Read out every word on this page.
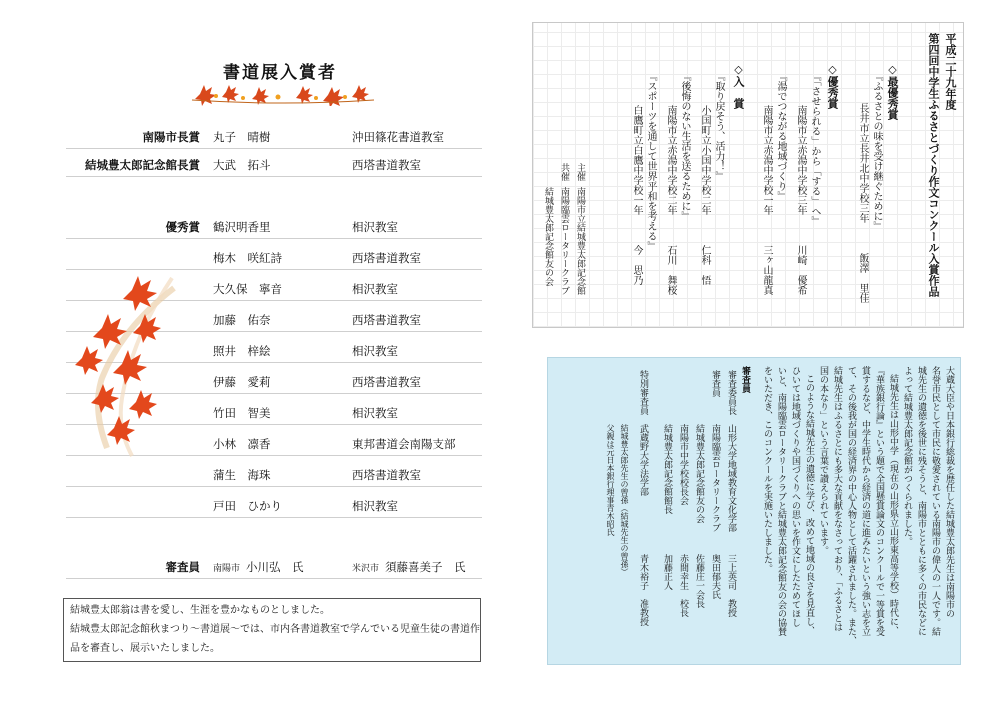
書道展入賞者
南陽市長賞 丸子　晴樹	沖田篠花書道教室
結城豊太郎記念館長賞 大武　拓斗	西塔書道教室
優秀賞 鶴沢明香里	相沢教室
梅木　咲紅詩	西塔書道教室
大久保　寧音	相沢教室
加藤　佑奈	西塔書道教室
照井　梓絵	相沢教室
伊藤　愛莉	西塔書道教室
竹田　智美	相沢教室
小林　凛香	東邦書道会南陽支部
蒲生　海珠	西塔書道教室
戸田　ひかり	相沢教室
審査員 南陽市 小川弘　氏	米沢市 須藤喜美子　氏
結城豊太郎翁は書を愛し、生涯を豊かなものとしました。
結城豊太郎記念館秋まつり～書道展～では、市内各書道教室で学んでいる児童生徒の書道作
品を審査し、展示いたしました。
平成二十九年度
第四回中学生ふるさとづくり作文コンクール入賞作品
◇最優秀賞
『ふるさとの味を受け継ぐために』
長井市立長井北中学校三年
飯澤　里佳
◇優秀賞
『「させられる」から「する」へ』
南陽市立赤湯中学校三年
川崎　優希
『湯でつながる地域づくり』
南陽市立赤湯中学校一年
三ヶ山龍真
◇入　賞
『取り戻そう、活力！』
小国町立小国中学校二年
仁科　悟
『後悔のない生活を送るために』
南陽市立赤湯中学校二年
石川　舞桜
『スポーツを通して世界平和を考える』
白鷹町立白鷹中学校一年
今　思乃
主催
南陽市立結城豊太郎記念館
共催
南陽臨雲ロータリークラブ
結城豊太郎記念館友の会
大蔵大臣や日本銀行総裁を歴任した結城豊太郎先生は南陽市の
名誉市民として市民に敬愛されている南陽市の偉人の一人です。結
城先生の遺徳を後世に残そうと、南陽市とともに多くの市民などに
よって結城豊太郎記念館がつくられました。
結城先生は山形中学（現在の山形県立山形東高等学校）時代に、
『華族銀行論』という題で全国懸賞論文のコンクールで一等賞を受
賞するなど、中学生時代から経済の道に進みたいという強い志を立
て、その後我が国の経済界の中心人物として活躍されました。また、
結城先生はふるさとにも多大な貢献をなさっており、「ふるさとは
国の本なり」という言葉で讃えられています。
このような結城先生の遺徳に学び、改めて地域の良さを見直し、
ひいては地域づくりや国づくりへの思いを作文にしたためてほし
いと、南陽臨雲ロータリークラブと結城豊太郎記念館友の会の協賛
をいただき、このコンクールを実施いたしました。
審査員
審査委員長
山形大学地域教育文化学部
三上英司　教授
審査員
南陽臨雲ロータリークラブ
奥田郁夫氏
結城豊太郎記念館友の会
佐藤庄一会長
南陽市中学校校長会
赤間幸生　校長
結城豊太郎記念館館長
加藤正人
特別審査員
武蔵野大学法学部
青木裕子　准教授
結城豊太郎先生の曾孫（結城先生の曾孫）
父親は元日本銀行理事青木昭氏
